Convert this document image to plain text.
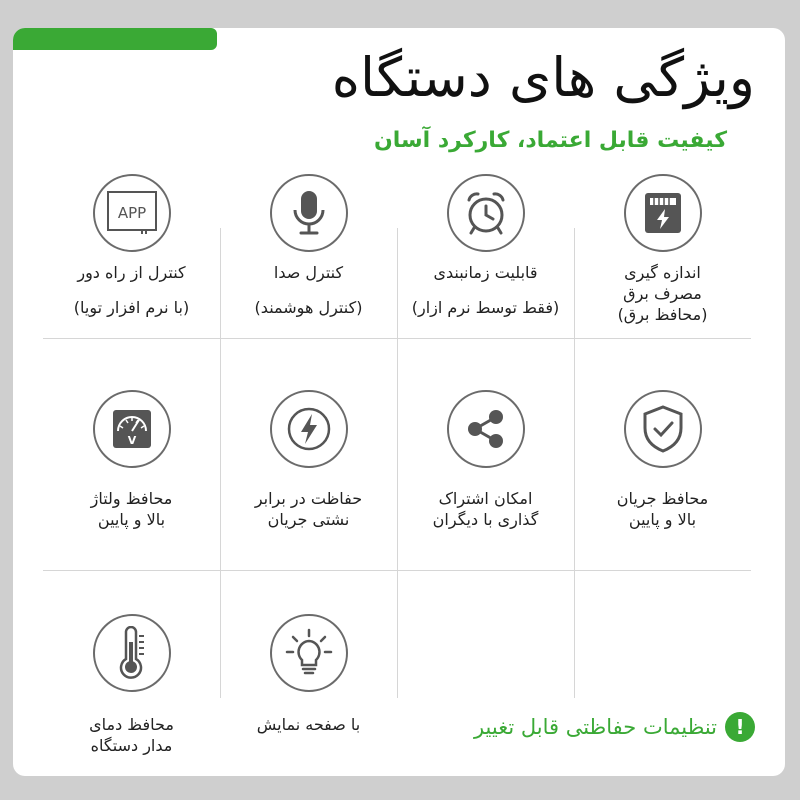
ویژگی های دستگاه
کیفیت قابل اعتماد، کارکرد آسان

اندازه گیری

مصرف برق

(محافظ برق)

قابلیت زمانبندی

(فقط توسط نرم ازار)

کنترل صدا

(کنترل هوشمند)

APP

کنترل از راه دور

(با نرم افزار تویا)

محافظ جریان

بالا و پایین

امکان اشتراک

گذاری با دیگران

حفاظت در برابر

نشتی جریان

V

محافظ ولتاژ

بالا و پایین

با صفحه نمایش

محافظ دمای

مدار دستگاه

!
تنظیمات حفاظتی قابل تغییر
